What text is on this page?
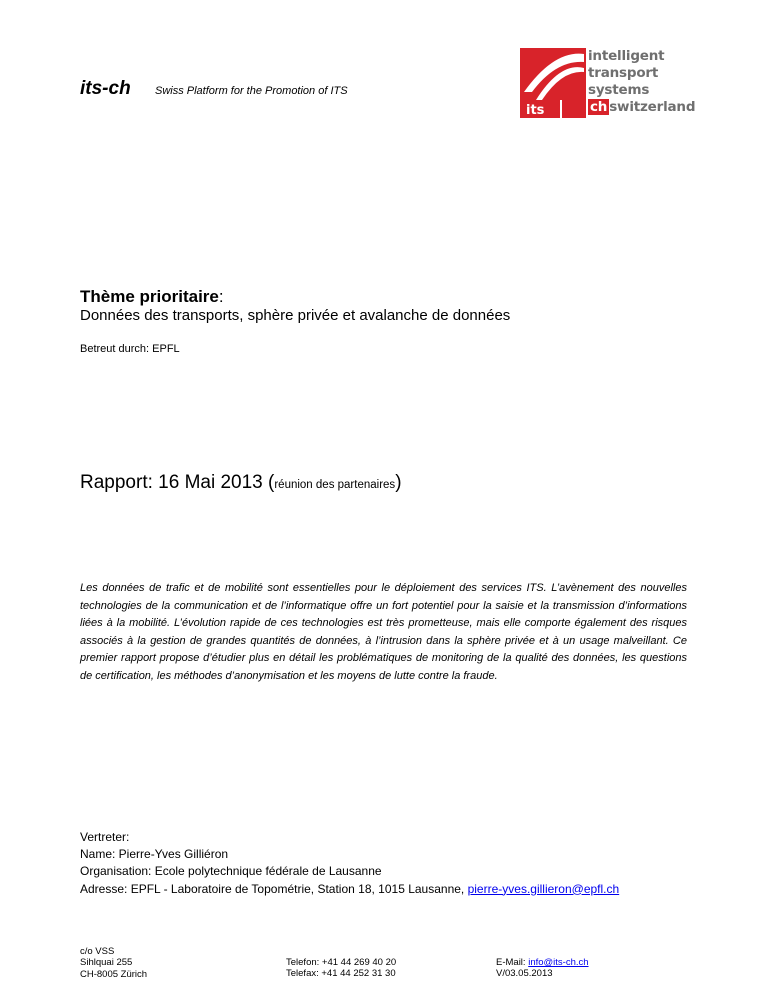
its-ch Swiss Platform for the Promotion of ITS
its
intelligent
transport
systems
ch switzerland
Thème prioritaire:
Données des transports, sphère privée et avalanche de données
Betreut durch: EPFL
Rapport: 16 Mai 2013 (réunion des partenaires)
Les données de trafic et de mobilité sont essentielles pour le déploiement des services ITS. L’avènement des nouvelles technologies de la communication et de l’informatique offre un fort potentiel pour la saisie et la transmission d’informations liées à la mobilité. L’évolution rapide de ces technologies est très prometteuse, mais elle comporte également des risques associés à la gestion de grandes quantités de données, à l’intrusion dans la sphère privée et à un usage malveillant. Ce premier rapport propose d’étudier plus en détail les problématiques de monitoring de la qualité des données, les questions de certification, les méthodes d’anonymisation et les moyens de lutte contre la fraude.
Vertreter:
Name: Pierre-Yves Gilliéron
Organisation: Ecole polytechnique fédérale de Lausanne
Adresse: EPFL - Laboratoire de Topométrie, Station 18, 1015 Lausanne, pierre-yves.gillieron@epfl.ch
c/o VSS
Sihlquai 255
CH-8005 Zürich
Telefon: +41 44 269 40 20
Telefax: +41 44 252 31 30
E-Mail: info@its-ch.ch
V/03.05.2013
